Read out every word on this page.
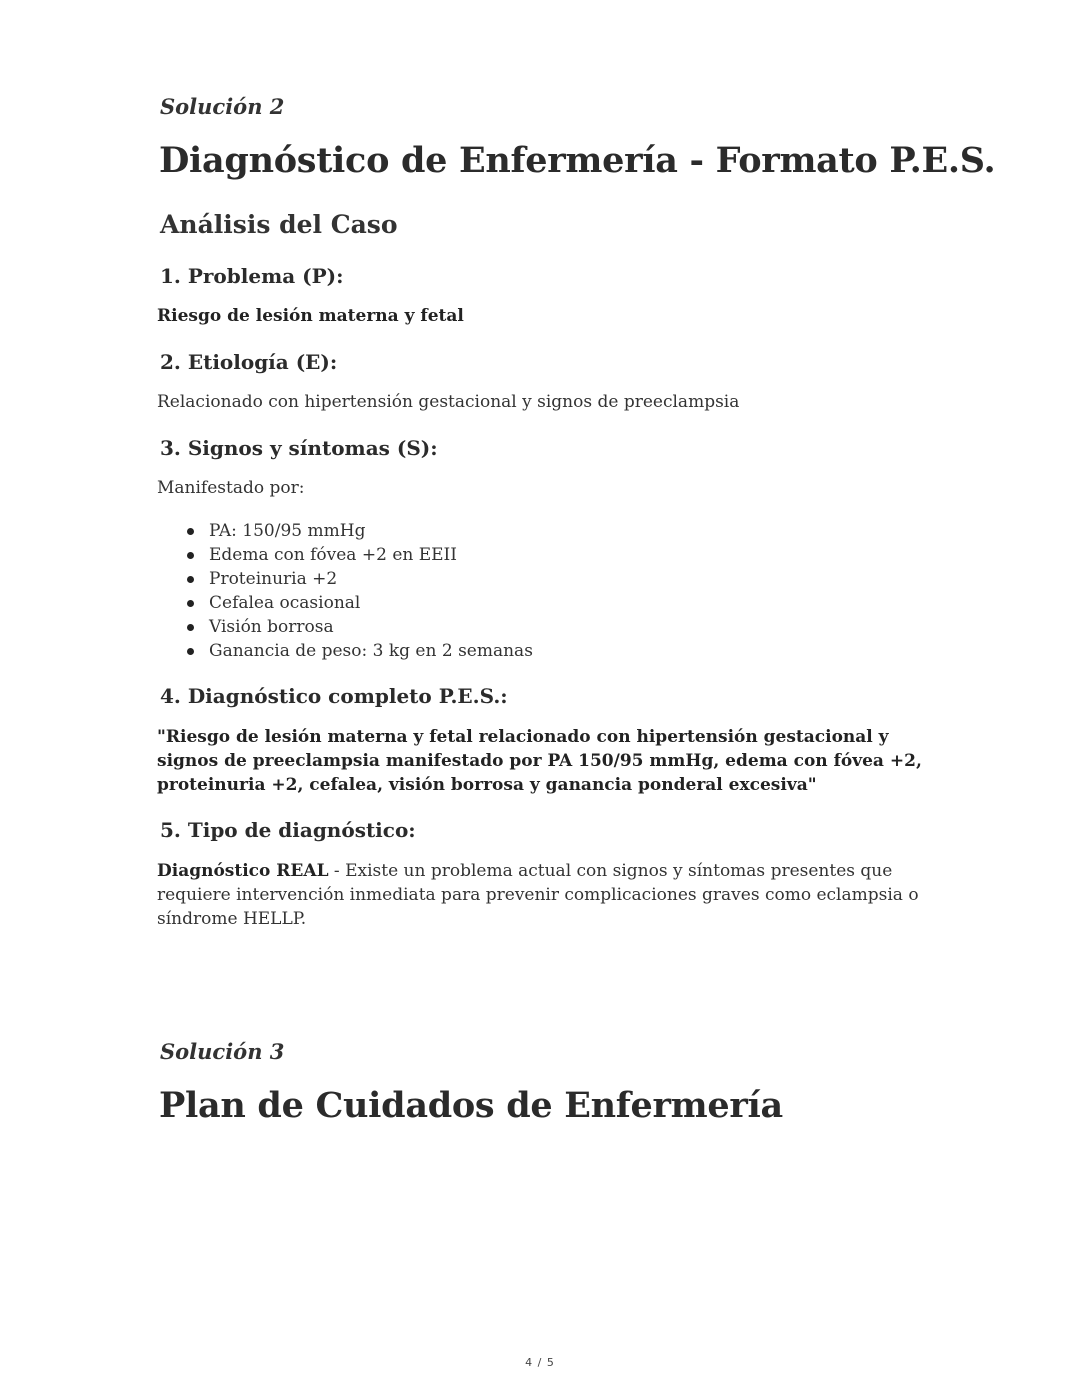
Solución 2

Diagnóstico de Enfermería - Formato P.E.S.
Análisis del Caso
1. Problema (P):

Riesgo de lesión materna y fetal

2. Etiología (E):

Relacionado con hipertensión gestacional y signos de preeclampsia

3. Signos y síntomas (S):

Manifestado por:

PA: 150/95 mmHg
Edema con fóvea +2 en EEII
Proteinuria +2
Cefalea ocasional
Visión borrosa
Ganancia de peso: 3 kg en 2 semanas
4. Diagnóstico completo P.E.S.:

"Riesgo de lesión materna y fetal relacionado con hipertensión gestacional y signos de preeclampsia manifestado por PA 150/95 mmHg, edema con fóvea +2, proteinuria +2, cefalea, visión borrosa y ganancia ponderal excesiva"

5. Tipo de diagnóstico:

Diagnóstico REAL - Existe un problema actual con signos y síntomas presentes que requiere intervención inmediata para prevenir complicaciones graves como eclampsia o síndrome HELLP.

Solución 3

Plan de Cuidados de Enfermería
4 / 5
